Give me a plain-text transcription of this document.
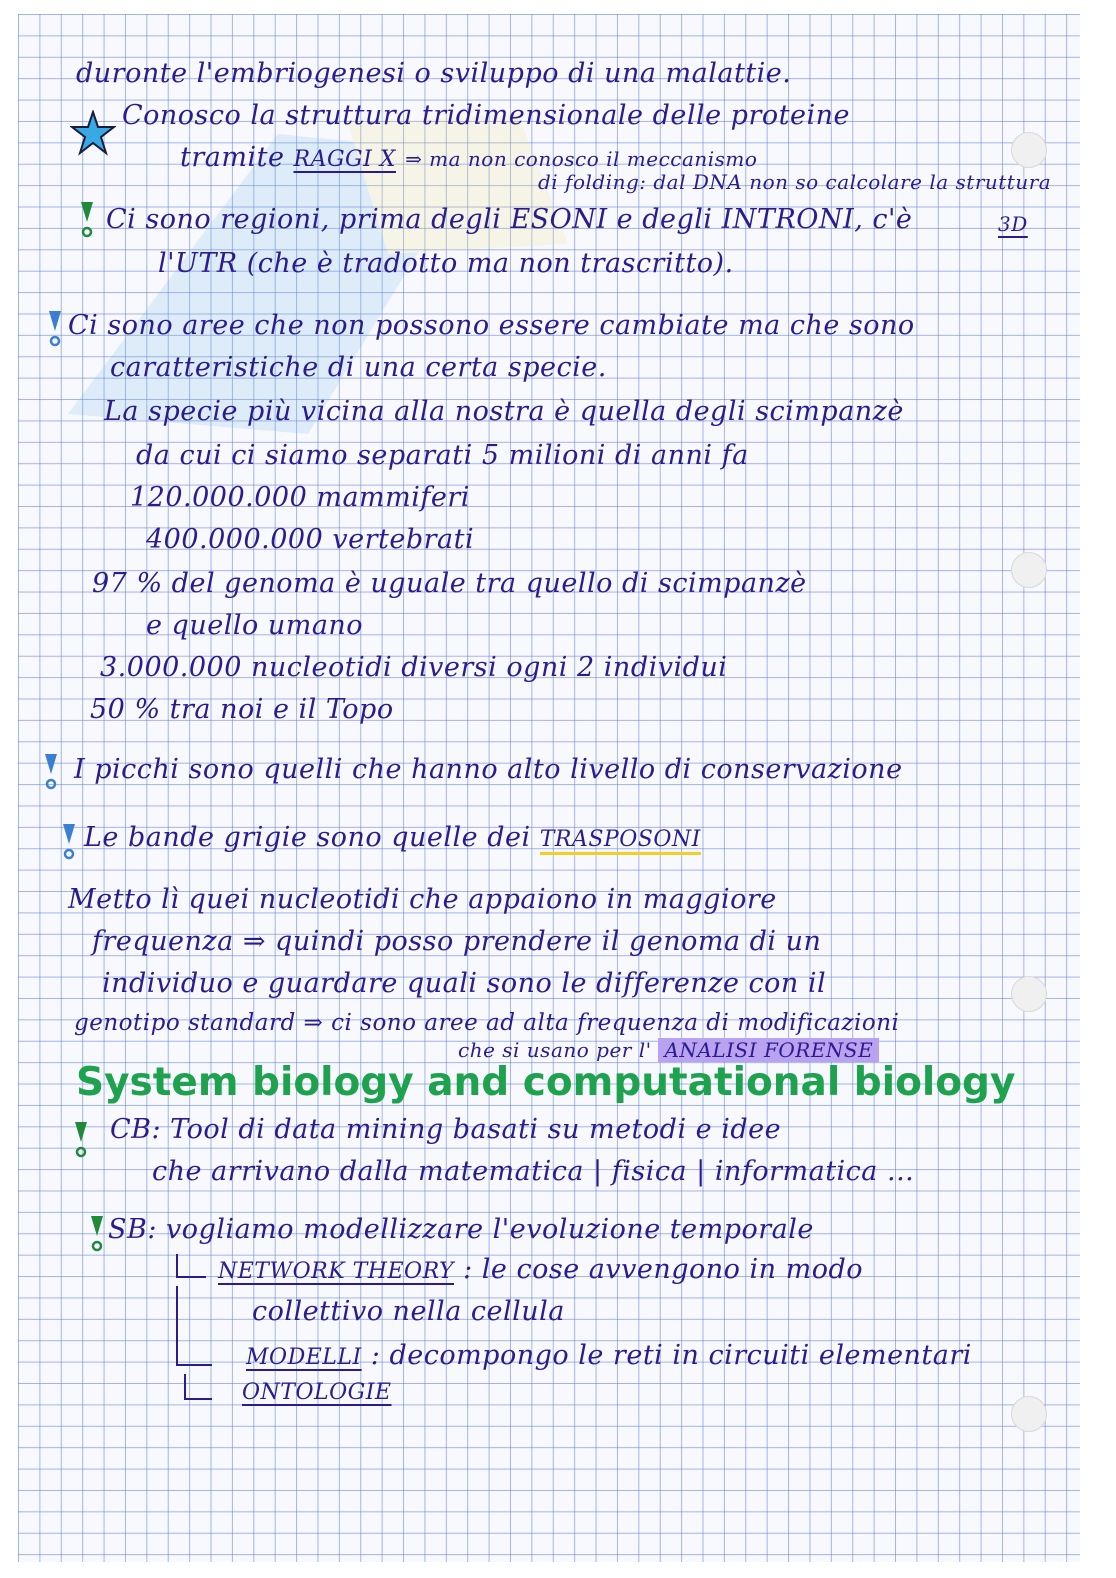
duronte l'embriogenesi o sviluppo di una malattie.
Conosco la struttura tridimensionale delle proteine
tramite RAGGI X ⇒ ma non conosco il meccanismo
di folding: dal DNA non so calcolare la struttura
3D
Ci sono regioni, prima degli ESONI e degli INTRONI, c'è
l'UTR (che è tradotto ma non trascritto).
Ci sono aree che non possono essere cambiate ma che sono
caratteristiche di una certa specie.
La specie più vicina alla nostra è quella degli scimpanzè
da cui ci siamo separati 5 milioni di anni fa
120.000.000 mammiferi
400.000.000 vertebrati
97 % del genoma è uguale tra quello di scimpanzè
e quello umano
3.000.000 nucleotidi diversi ogni 2 individui
50 % tra noi e il Topo
I picchi sono quelli che hanno alto livello di conservazione
Le bande grigie sono quelle dei TRASPOSONI
Metto lì quei nucleotidi che appaiono in maggiore
frequenza ⇒ quindi posso prendere il genoma di un
individuo e guardare quali sono le differenze con il
genotipo standard ⇒ ci sono aree ad alta frequenza di modificazioni
che si usano per l' ANALISI FORENSE
System biology and computational biology
CB: Tool di data mining basati su metodi e idee
che arrivano dalla matematica | fisica | informatica ...
SB: vogliamo modellizzare l'evoluzione temporale
NETWORK THEORY : le cose avvengono in modo
collettivo nella cellula
MODELLI : decompongo le reti in circuiti elementari
ONTOLOGIE
